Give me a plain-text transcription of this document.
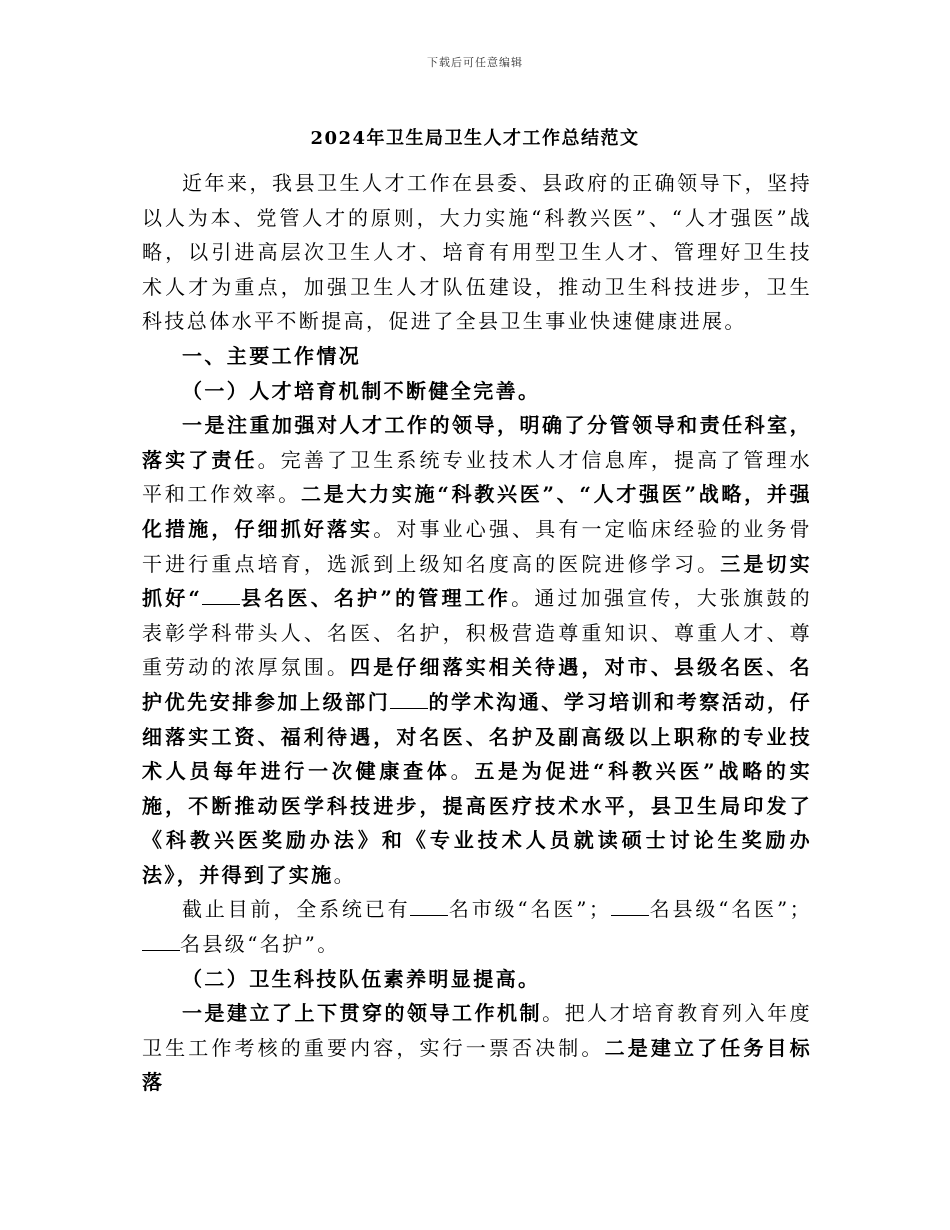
下载后可任意编辑
2024年卫生局卫生人才工作总结范文

近年来，我县卫生人才工作在县委、县政府的正确领导下，坚持以人为本、党管人才的原则，大力实施“科教兴医”、“人才强医”战略，以引进高层次卫生人才、培育有用型卫生人才、管理好卫生技术人才为重点，加强卫生人才队伍建设，推动卫生科技进步，卫生科技总体水平不断提高，促进了全县卫生事业快速健康进展。

一、主要工作情况

（一）人才培育机制不断健全完善。

一是注重加强对人才工作的领导，明确了分管领导和责任科室，落实了责任。完善了卫生系统专业技术人才信息库，提高了管理水平和工作效率。二是大力实施“科教兴医”、“人才强医”战略，并强化措施，仔细抓好落实。对事业心强、具有一定临床经验的业务骨干进行重点培育，选派到上级知名度高的医院进修学习。三是切实抓好“ 县名医、名护”的管理工作。通过加强宣传，大张旗鼓的表彰学科带头人、名医、名护，积极营造尊重知识、尊重人才、尊重劳动的浓厚氛围。四是仔细落实相关待遇，对市、县级名医、名护优先安排参加上级部门 的学术沟通、学习培训和考察活动，仔细落实工资、福利待遇，对名医、名护及副高级以上职称的专业技术人员每年进行一次健康查体。五是为促进“科教兴医”战略的实施，不断推动医学科技进步，提高医疗技术水平，县卫生局印发了《科教兴医奖励办法》和《专业技术人员就读硕士讨论生奖励办法》，并得到了实施。

截止目前，全系统已有 名市级“名医”； 名县级“名医”；名县级“名护”。

（二）卫生科技队伍素养明显提高。

一是建立了上下贯穿的领导工作机制。把人才培育教育列入年度卫生工作考核的重要内容，实行一票否决制。二是建立了任务目标落
